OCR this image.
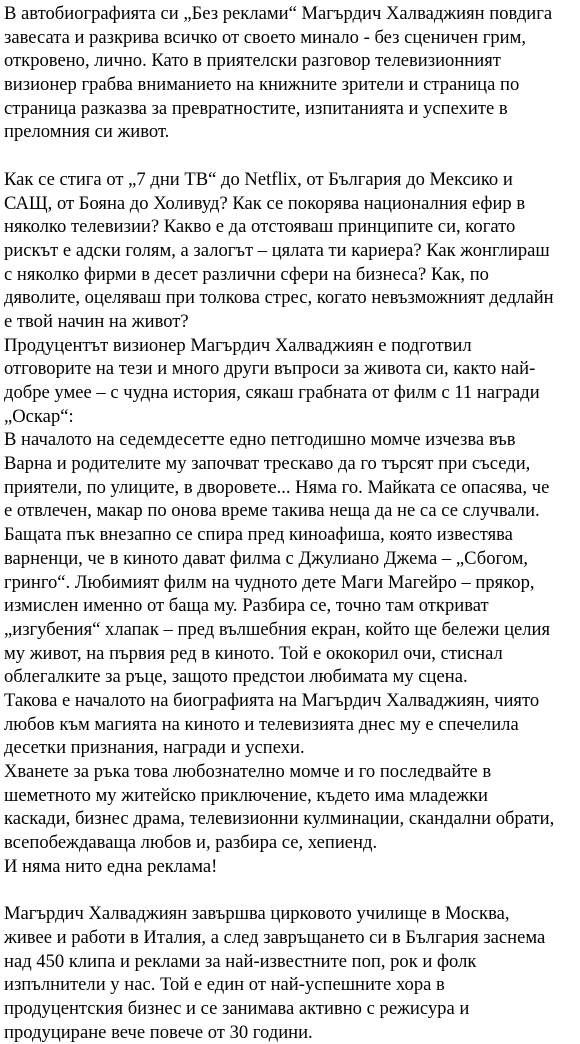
В автобиографията си „Без реклами“ Магърдич Халваджиян повдига
завесата и разкрива всичко от своето минало - без сценичен грим,
откровено, лично. Като в приятелски разговор телевизионният
визионер грабва вниманието на книжните зрители и страница по
страница разказва за превратностите, изпитанията и успехите в
преломния си живот.
Как се стига от „7 дни ТВ“ до Netflix, от България до Мексико и
САЩ, от Бояна до Холивуд? Как се покорява националния ефир в
няколко телевизии? Какво е да отстояваш принципите си, когато
рискът е адски голям, а залогът – цялата ти кариера? Как жонглираш
с няколко фирми в десет различни сфери на бизнеса? Как, по
дяволите, оцеляваш при толкова стрес, когато невъзможният дедлайн
е твой начин на живот?
Продуцентът визионер Магърдич Халваджиян е подготвил
отговорите на тези и много други въпроси за живота си, както най-
добре умее – с чудна история, сякаш грабната от филм с 11 награди
„Оскар“:
В началото на седемдесетте едно петгодишно момче изчезва във
Варна и родителите му започват трескаво да го търсят при съседи,
приятели, по улиците, в дворовете... Няма го. Майката се опасява, че
е отвлечен, макар по онова време такива неща да не са се случвали.
Бащата пък внезапно се спира пред киноафиша, която известява
варненци, че в киното дават филма с Джулиано Джема – „Сбогом,
гринго“. Любимият филм на чудното дете Маги Магейро – прякор,
измислен именно от баща му. Разбира се, точно там откриват
„изгубения“ хлапак – пред вълшебния екран, който ще бележи целия
му живот, на първия ред в киното. Той е ококорил очи, стиснал
облегалките за ръце, защото предстои любимата му сцена.
Такова е началото на биографията на Магърдич Халваджиян, чиято
любов към магията на киното и телевизията днес му е спечелила
десетки признания, награди и успехи.
Хванете за ръка това любознателно момче и го последвайте в
шеметното му житейско приключение, където има младежки
каскади, бизнес драма, телевизионни кулминации, скандални обрати,
всепобеждаваща любов и, разбира се, хепиенд.
И няма нито една реклама!
Магърдич Халваджиян завършва цирковото училище в Москва,
живее и работи в Италия, а след завръщането си в България заснема
над 450 клипа и реклами за най-известните поп, рок и фолк
изпълнители у нас. Той е един от най-успешните хора в
продуцентския бизнес и се занимава активно с режисура и
продуциране вече повече от 30 години.
